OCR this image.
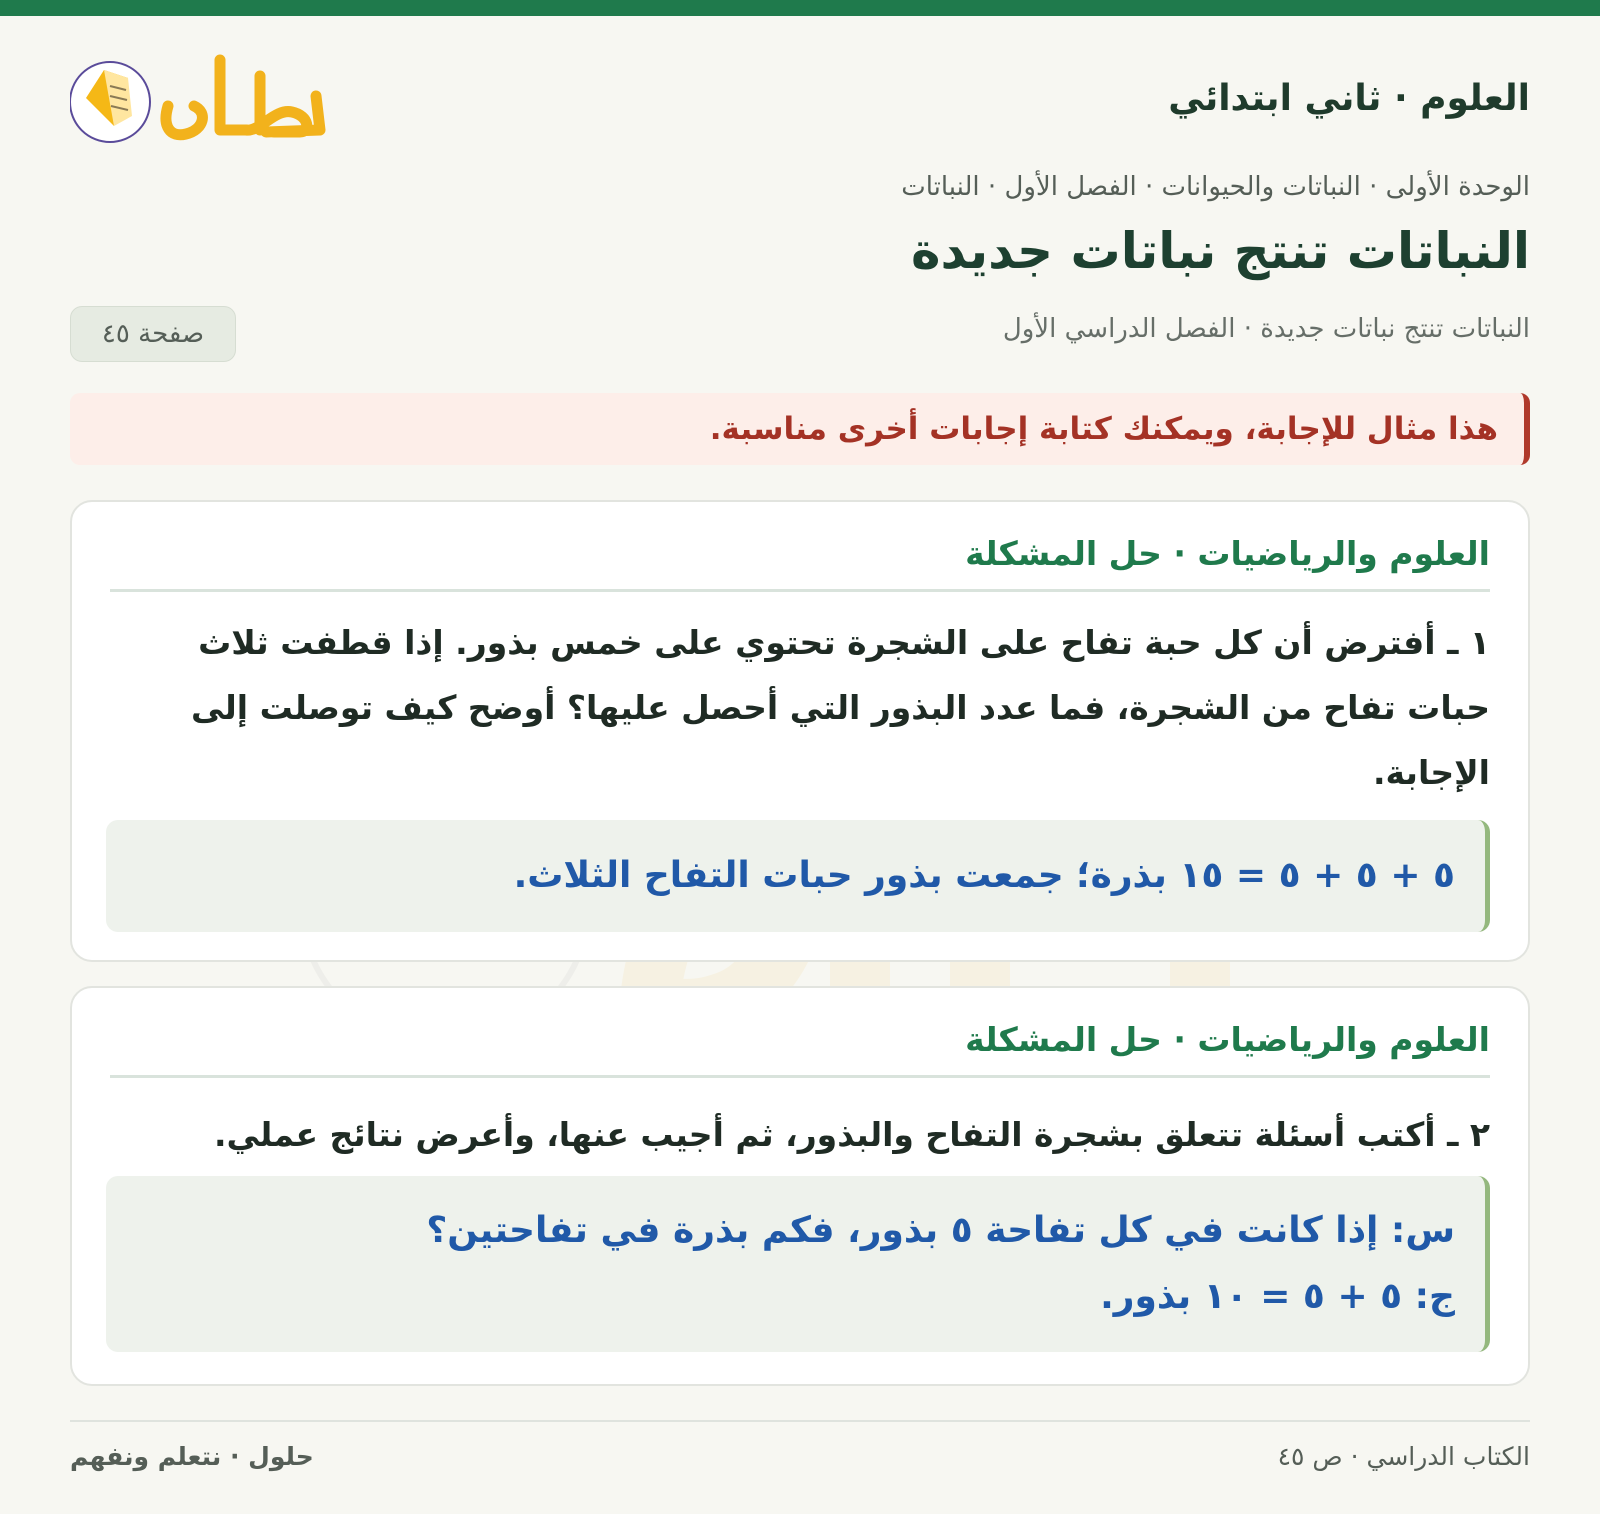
العلوم · ثاني ابتدائي
الوحدة الأولى · النباتات والحيوانات · الفصل الأول · النباتات
النباتات تنتج نباتات جديدة
النباتات تنتج نباتات جديدة · الفصل الدراسي الأول
صفحة ٤٥
هذا مثال للإجابة، ويمكنك كتابة إجابات أخرى مناسبة.
العلوم والرياضيات · حل المشكلة
١ ـ أفترض أن كل حبة تفاح على الشجرة تحتوي على خمس بذور. إذا قطفت ثلاث حبات تفاح من الشجرة، فما عدد البذور التي أحصل عليها؟ أوضح كيف توصلت إلى الإجابة.
٥ + ٥ + ٥ = ١٥ بذرة؛ جمعت بذور حبات التفاح الثلاث.
العلوم والرياضيات · حل المشكلة
٢ ـ أكتب أسئلة تتعلق بشجرة التفاح والبذور، ثم أجيب عنها، وأعرض نتائج عملي.
س: إذا كانت في كل تفاحة ٥ بذور، فكم بذرة في تفاحتين؟
ج: ٥ + ٥ = ١٠ بذور.
الكتاب الدراسي · ص ٤٥
حلول · نتعلم ونفهم
